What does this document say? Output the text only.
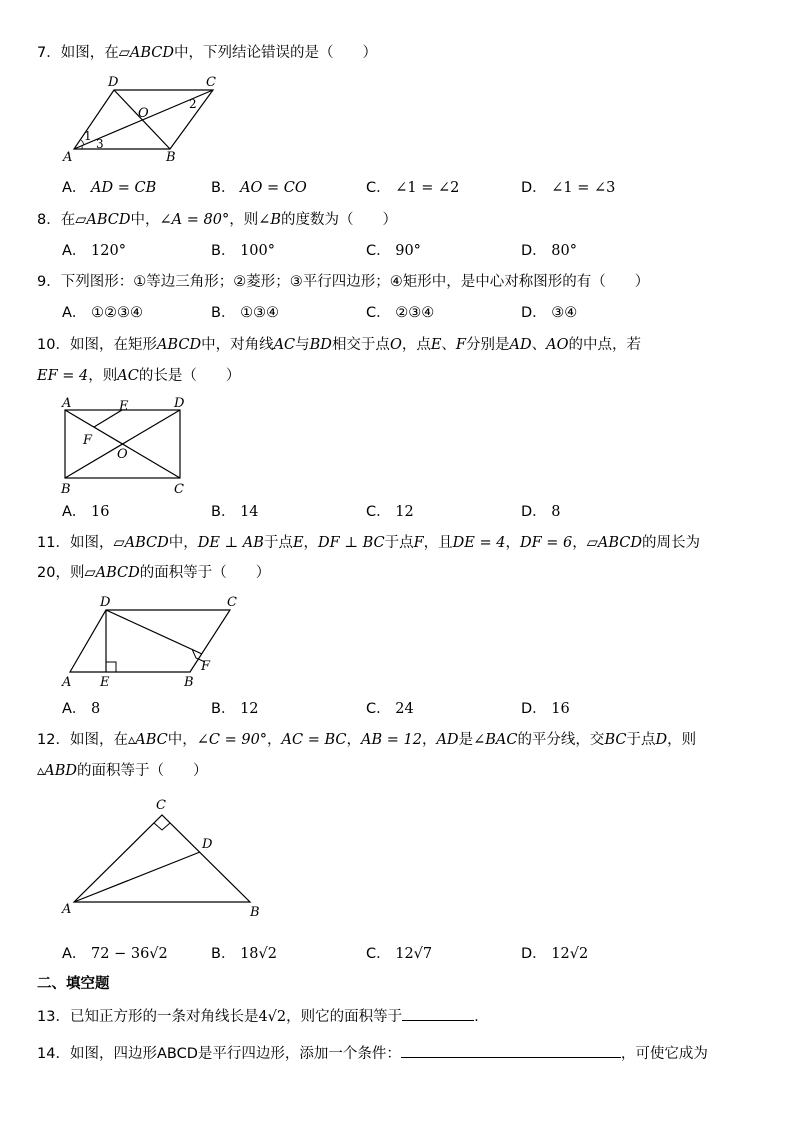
7．如图，在▱ABCD中，下列结论错误的是（　　）
D	C
O
A	B
1
2
3
A． AD = CB	B． AO = CO	C． ∠1 = ∠2	D． ∠1 = ∠3
8．在▱ABCD中，∠A = 80°，则∠B的度数为（　　）
A． 120°	B． 100°	C． 90°	D． 80°
9．下列图形：①等边三角形；②菱形；③平行四边形；④矩形中，是中心对称图形的有（　　）
A． ①②③④	B． ①③④	C． ②③④	D． ③④
10．如图，在矩形ABCD中，对角线AC与BD相交于点O，点E、F分别是AD、AO的中点，若
EF = 4，则AC的长是（　　）
A	E	D
F
O
B	C
A． 16	B． 14	C． 12	D． 8
11．如图，▱ABCD中，DE ⊥ AB于点E，DF ⊥ BC于点F，且DE = 4，DF = 6，▱ABCD的周长为
20，则▱ABCD的面积等于（　　）
D	C
A E	B
F
A． 8	B． 12	C． 24	D． 16
12．如图，在▵ABC中，∠C = 90°，AC = BC，AB = 12，AD是∠BAC的平分线，交BC于点D，则
▵ABD的面积等于（　　）
C
D
A	B
A． 72 − 36√2	B． 18√2	C． 12√7	D． 12√2
二、填空题
13．已知正方形的一条对角线长是4√2，则它的面积等于	.
14．如图，四边形ABCD是平行四边形，添加一个条件：	，可使它成为
